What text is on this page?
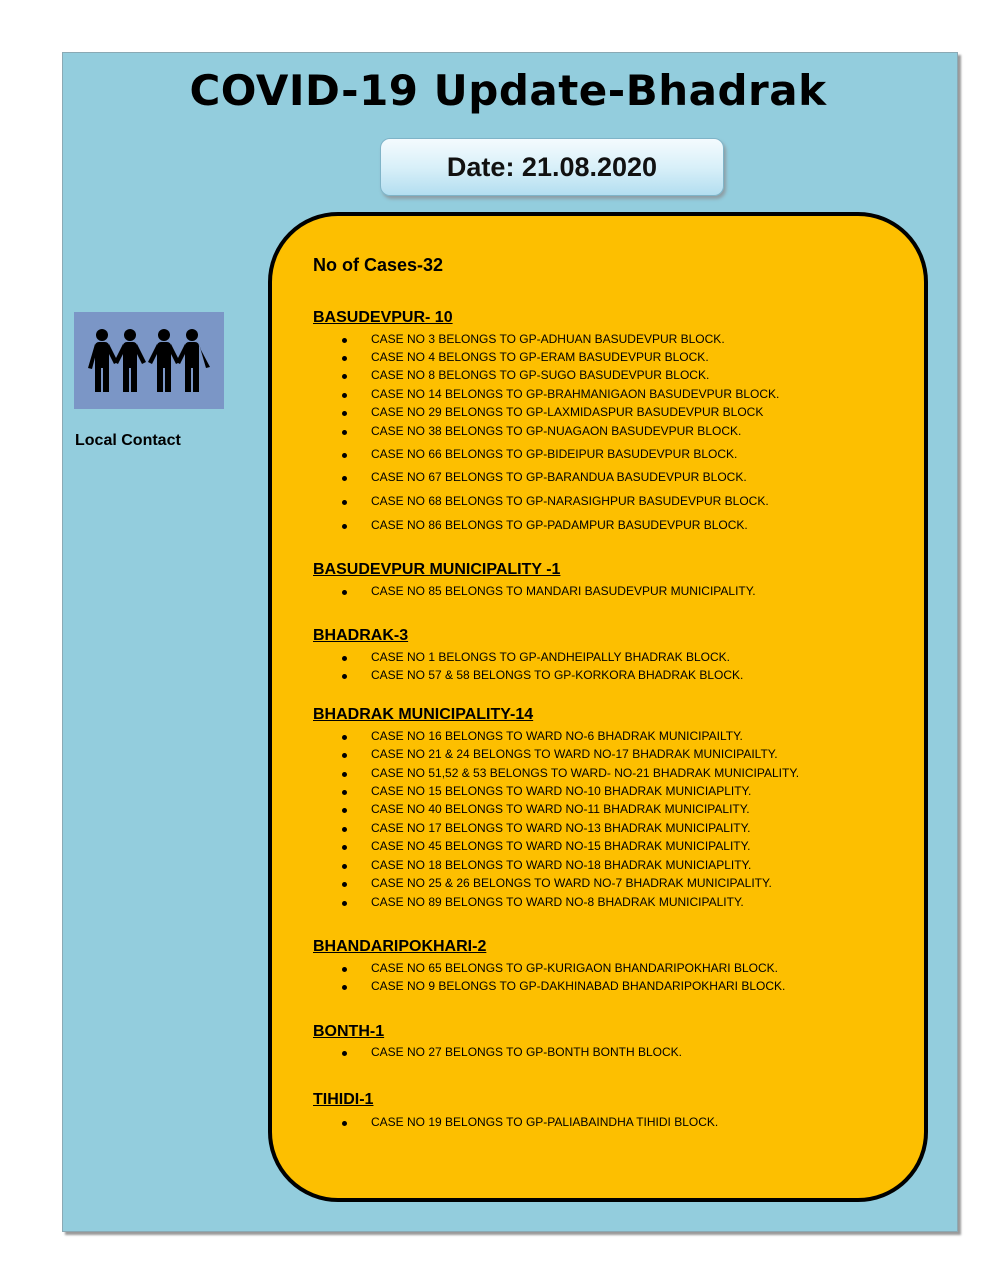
COVID-19 Update-Bhadrak
Date: 21.08.2020
Local Contact
No of Cases-32
BASUDEVPUR- 10
CASE NO 3 BELONGS TO GP-ADHUAN BASUDEVPUR BLOCK.
CASE NO 4 BELONGS TO GP-ERAM BASUDEVPUR BLOCK.
CASE NO 8 BELONGS TO GP-SUGO BASUDEVPUR BLOCK.
CASE NO 14 BELONGS TO GP-BRAHMANIGAON BASUDEVPUR BLOCK.
CASE NO 29 BELONGS TO GP-LAXMIDASPUR BASUDEVPUR BLOCK
CASE NO 38 BELONGS TO GP-NUAGAON BASUDEVPUR BLOCK.
CASE NO 66 BELONGS TO GP-BIDEIPUR BASUDEVPUR BLOCK.
CASE NO 67 BELONGS TO GP-BARANDUA BASUDEVPUR BLOCK.
CASE NO 68 BELONGS TO GP-NARASIGHPUR BASUDEVPUR BLOCK.
CASE NO 86 BELONGS TO GP-PADAMPUR BASUDEVPUR BLOCK.
BASUDEVPUR MUNICIPALITY -1
CASE NO 85 BELONGS TO MANDARI BASUDEVPUR MUNICIPALITY.
BHADRAK-3
CASE NO 1 BELONGS TO GP-ANDHEIPALLY BHADRAK BLOCK.
CASE NO 57 & 58 BELONGS TO GP-KORKORA BHADRAK BLOCK.
BHADRAK MUNICIPALITY-14
CASE NO 16 BELONGS TO WARD NO-6 BHADRAK MUNICIPAILTY.
CASE NO 21 & 24 BELONGS TO WARD NO-17 BHADRAK MUNICIPAILTY.
CASE NO 51,52 & 53 BELONGS TO WARD- NO-21 BHADRAK MUNICIPALITY.
CASE NO 15 BELONGS TO WARD NO-10 BHADRAK MUNICIAPLITY.
CASE NO 40 BELONGS TO WARD NO-11 BHADRAK MUNICIPALITY.
CASE NO 17 BELONGS TO WARD NO-13 BHADRAK MUNICIPALITY.
CASE NO 45 BELONGS TO WARD NO-15 BHADRAK MUNICIPALITY.
CASE NO 18 BELONGS TO WARD NO-18 BHADRAK MUNICIAPLITY.
CASE NO 25 & 26 BELONGS TO WARD NO-7 BHADRAK MUNICIPALITY.
CASE NO 89 BELONGS TO WARD NO-8 BHADRAK MUNICIPALITY.
BHANDARIPOKHARI-2
CASE NO 65 BELONGS TO GP-KURIGAON BHANDARIPOKHARI BLOCK.
CASE NO 9 BELONGS TO GP-DAKHINABAD BHANDARIPOKHARI BLOCK.
BONTH-1
CASE NO 27 BELONGS TO GP-BONTH BONTH BLOCK.
TIHIDI-1
CASE NO 19 BELONGS TO GP-PALIABAINDHA TIHIDI BLOCK.
